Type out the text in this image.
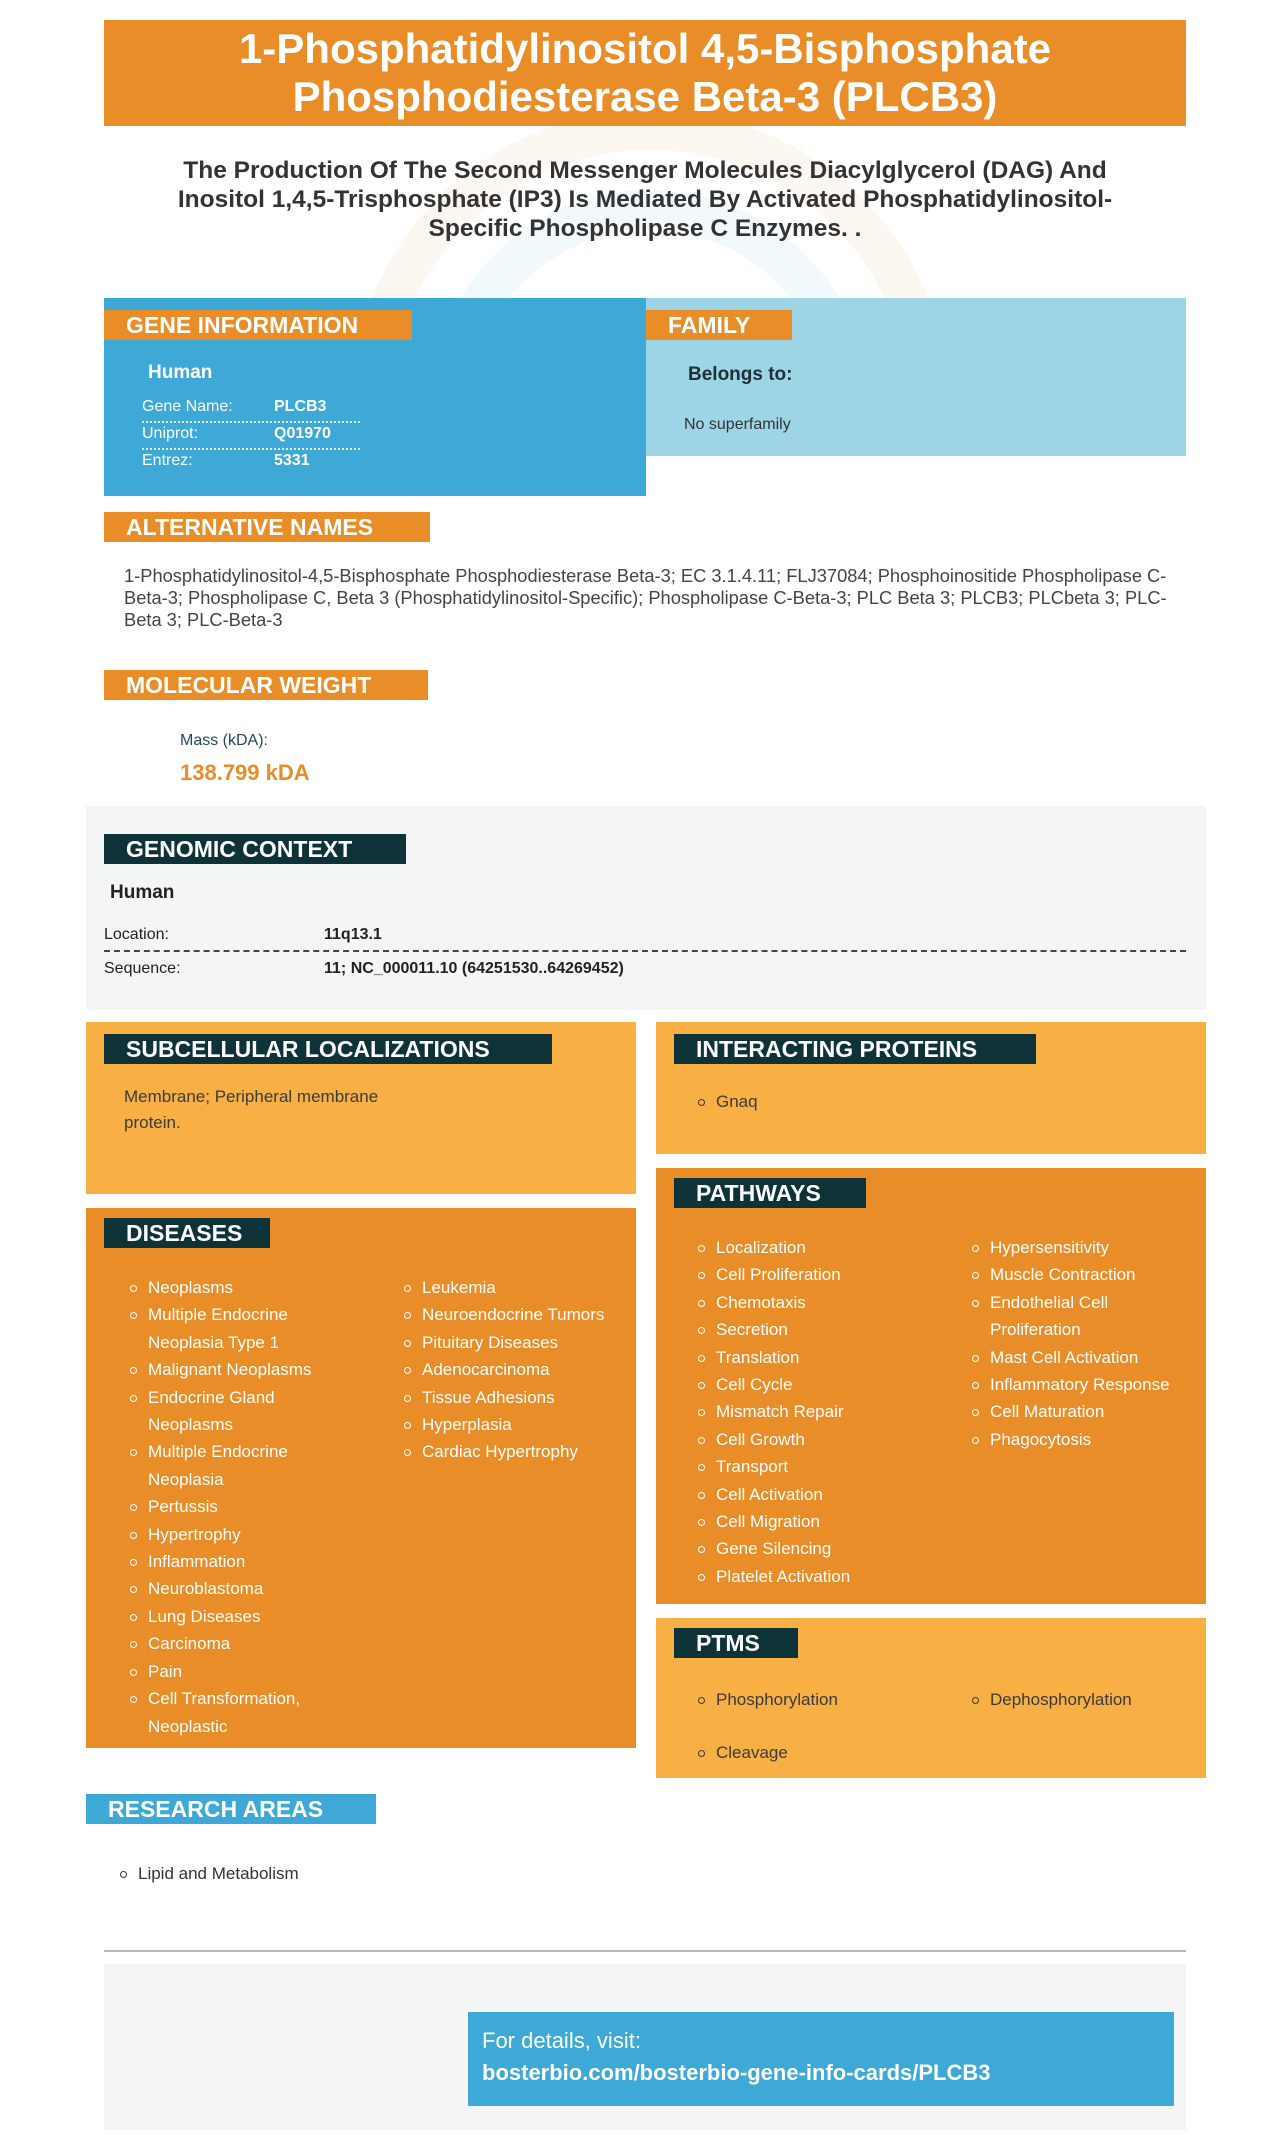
1-Phosphatidylinositol 4,5-Bisphosphate
Phosphodiesterase Beta-3 (PLCB3)
The Production Of The Second Messenger Molecules Diacylglycerol (DAG) And Inositol 1,4,5-Trisphosphate (IP3) Is Mediated By Activated Phosphatidylinositol-Specific Phospholipase C Enzymes. .
GENE INFORMATION
Human
Gene Name:	PLCB3
Uniprot:	Q01970
Entrez:	5331
FAMILY
Belongs to:
No superfamily
ALTERNATIVE NAMES
1-Phosphatidylinositol-4,5-Bisphosphate Phosphodiesterase Beta-3; EC 3.1.4.11; FLJ37084; Phosphoinositide Phospholipase C-Beta-3; Phospholipase C, Beta 3 (Phosphatidylinositol-Specific); Phospholipase C-Beta-3; PLC Beta 3; PLCB3; PLCbeta 3; PLC-Beta 3; PLC-Beta-3
MOLECULAR WEIGHT
Mass (kDA):
138.799 kDA
GENOMIC CONTEXT
Human
Location:	11q13.1
Sequence:	11; NC_000011.10 (64251530..64269452)
SUBCELLULAR LOCALIZATIONS
Membrane; Peripheral membrane protein.
INTERACTING PROTEINS
Gnaq
DISEASES
Neoplasms
Multiple Endocrine Neoplasia Type 1
Malignant Neoplasms
Endocrine Gland Neoplasms
Multiple Endocrine Neoplasia
Pertussis
Hypertrophy
Inflammation
Neuroblastoma
Lung Diseases
Carcinoma
Pain
Cell Transformation, Neoplastic
Leukemia
Neuroendocrine Tumors
Pituitary Diseases
Adenocarcinoma
Tissue Adhesions
Hyperplasia
Cardiac Hypertrophy
PATHWAYS
Localization
Cell Proliferation
Chemotaxis
Secretion
Translation
Cell Cycle
Mismatch Repair
Cell Growth
Transport
Cell Activation
Cell Migration
Gene Silencing
Platelet Activation
Hypersensitivity
Muscle Contraction
Endothelial Cell Proliferation
Mast Cell Activation
Inflammatory Response
Cell Maturation
Phagocytosis
PTMS
Phosphorylation
Cleavage
Dephosphorylation
RESEARCH AREAS
Lipid and Metabolism
For details, visit:
bosterbio.com/bosterbio-gene-info-cards/PLCB3
